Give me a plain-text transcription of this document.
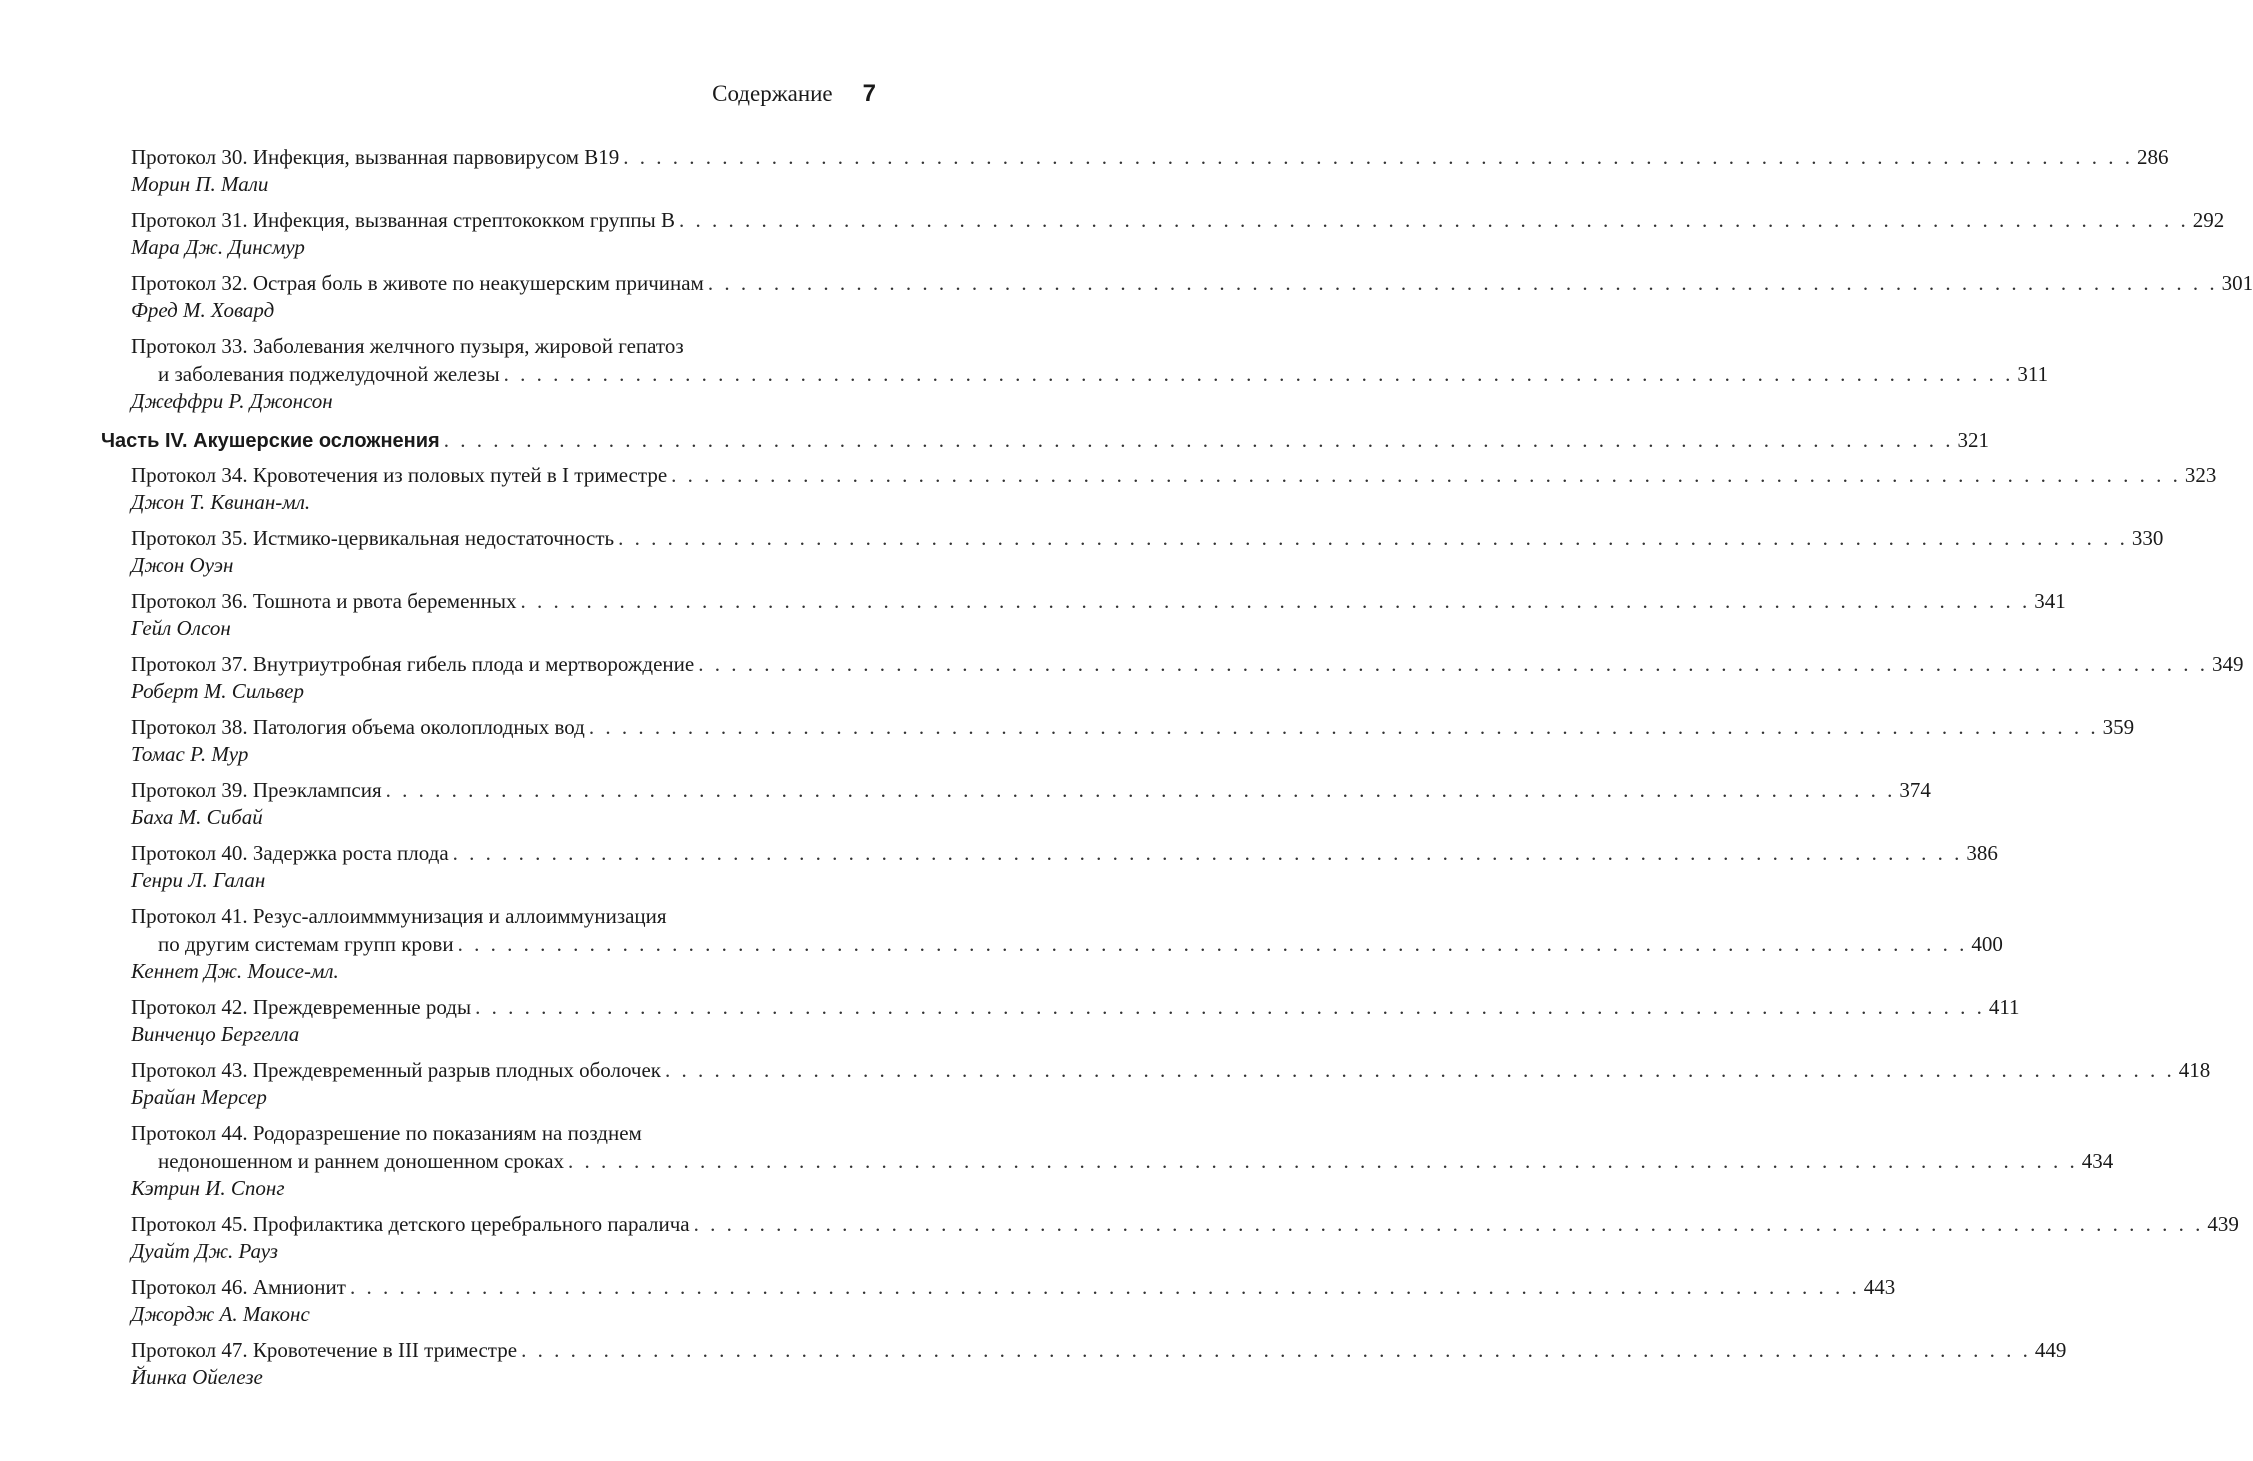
Содержание 7
Протокол 30. Инфекция, вызванная парвовирусом В19 . . . . . . . . . . . . . . . . . . . . . . . . . . . . . . . . . . . . . . . . . . . . . . . . . . . . . . . . . . . . . . . . . . . . . . . . . . . . . . . . . . . . . . . . . . . . 286
Морин П. Мали
Протокол 31. Инфекция, вызванная стрептококком группы В . . . . . . . . . . . . . . . . . . . . . . . . . . . . . . . . . . . . . . . . . . . . . . . . . . . . . . . . . . . . . . . . . . . . . . . . . . . . . . . . . . . . . . . . . . . . 292
Мара Дж. Динсмур
Протокол 32. Острая боль в животе по неакушерским причинам . . . . . . . . . . . . . . . . . . . . . . . . . . . . . . . . . . . . . . . . . . . . . . . . . . . . . . . . . . . . . . . . . . . . . . . . . . . . . . . . . . . . . . . . . . . . 301
Фред М. Ховард
Протокол 33. Заболевания желчного пузыря, жировой гепатоз
и заболевания поджелудочной железы . . . . . . . . . . . . . . . . . . . . . . . . . . . . . . . . . . . . . . . . . . . . . . . . . . . . . . . . . . . . . . . . . . . . . . . . . . . . . . . . . . . . . . . . . . . . 311
Джеффри Р. Джонсон
Часть IV. Акушерские осложнения . . . . . . . . . . . . . . . . . . . . . . . . . . . . . . . . . . . . . . . . . . . . . . . . . . . . . . . . . . . . . . . . . . . . . . . . . . . . . . . . . . . . . . . . . . . . 321
Протокол 34. Кровотечения из половых путей в I триместре . . . . . . . . . . . . . . . . . . . . . . . . . . . . . . . . . . . . . . . . . . . . . . . . . . . . . . . . . . . . . . . . . . . . . . . . . . . . . . . . . . . . . . . . . . . . 323
Джон Т. Квинан-мл.
Протокол 35. Истмико-цервикальная недостаточность . . . . . . . . . . . . . . . . . . . . . . . . . . . . . . . . . . . . . . . . . . . . . . . . . . . . . . . . . . . . . . . . . . . . . . . . . . . . . . . . . . . . . . . . . . . . 330
Джон Оуэн
Протокол 36. Тошнота и рвота беременных . . . . . . . . . . . . . . . . . . . . . . . . . . . . . . . . . . . . . . . . . . . . . . . . . . . . . . . . . . . . . . . . . . . . . . . . . . . . . . . . . . . . . . . . . . . . 341
Гейл Олсон
Протокол 37. Внутриутробная гибель плода и мертворождение . . . . . . . . . . . . . . . . . . . . . . . . . . . . . . . . . . . . . . . . . . . . . . . . . . . . . . . . . . . . . . . . . . . . . . . . . . . . . . . . . . . . . . . . . . . . 349
Роберт М. Сильвер
Протокол 38. Патология объема околоплодных вод . . . . . . . . . . . . . . . . . . . . . . . . . . . . . . . . . . . . . . . . . . . . . . . . . . . . . . . . . . . . . . . . . . . . . . . . . . . . . . . . . . . . . . . . . . . . 359
Томас Р. Мур
Протокол 39. Преэклампсия . . . . . . . . . . . . . . . . . . . . . . . . . . . . . . . . . . . . . . . . . . . . . . . . . . . . . . . . . . . . . . . . . . . . . . . . . . . . . . . . . . . . . . . . . . . . 374
Баха М. Сибай
Протокол 40. Задержка роста плода . . . . . . . . . . . . . . . . . . . . . . . . . . . . . . . . . . . . . . . . . . . . . . . . . . . . . . . . . . . . . . . . . . . . . . . . . . . . . . . . . . . . . . . . . . . . 386
Генри Л. Галан
Протокол 41. Резус-аллоимммунизация и аллоиммунизация
по другим системам групп крови . . . . . . . . . . . . . . . . . . . . . . . . . . . . . . . . . . . . . . . . . . . . . . . . . . . . . . . . . . . . . . . . . . . . . . . . . . . . . . . . . . . . . . . . . . . . 400
Кеннет Дж. Моисе-мл.
Протокол 42. Преждевременные роды . . . . . . . . . . . . . . . . . . . . . . . . . . . . . . . . . . . . . . . . . . . . . . . . . . . . . . . . . . . . . . . . . . . . . . . . . . . . . . . . . . . . . . . . . . . . 411
Винченцо Бергелла
Протокол 43. Преждевременный разрыв плодных оболочек . . . . . . . . . . . . . . . . . . . . . . . . . . . . . . . . . . . . . . . . . . . . . . . . . . . . . . . . . . . . . . . . . . . . . . . . . . . . . . . . . . . . . . . . . . . . 418
Брайан Мерсер
Протокол 44. Родоразрешение по показаниям на позднем
недоношенном и раннем доношенном сроках . . . . . . . . . . . . . . . . . . . . . . . . . . . . . . . . . . . . . . . . . . . . . . . . . . . . . . . . . . . . . . . . . . . . . . . . . . . . . . . . . . . . . . . . . . . . 434
Кэтрин И. Спонг
Протокол 45. Профилактика детского церебрального паралича . . . . . . . . . . . . . . . . . . . . . . . . . . . . . . . . . . . . . . . . . . . . . . . . . . . . . . . . . . . . . . . . . . . . . . . . . . . . . . . . . . . . . . . . . . . . 439
Дуайт Дж. Рауз
Протокол 46. Амнионит . . . . . . . . . . . . . . . . . . . . . . . . . . . . . . . . . . . . . . . . . . . . . . . . . . . . . . . . . . . . . . . . . . . . . . . . . . . . . . . . . . . . . . . . . . . . 443
Джордж А. Маконс
Протокол 47. Кровотечение в III триместре . . . . . . . . . . . . . . . . . . . . . . . . . . . . . . . . . . . . . . . . . . . . . . . . . . . . . . . . . . . . . . . . . . . . . . . . . . . . . . . . . . . . . . . . . . . . 449
Йинка Ойелезе
